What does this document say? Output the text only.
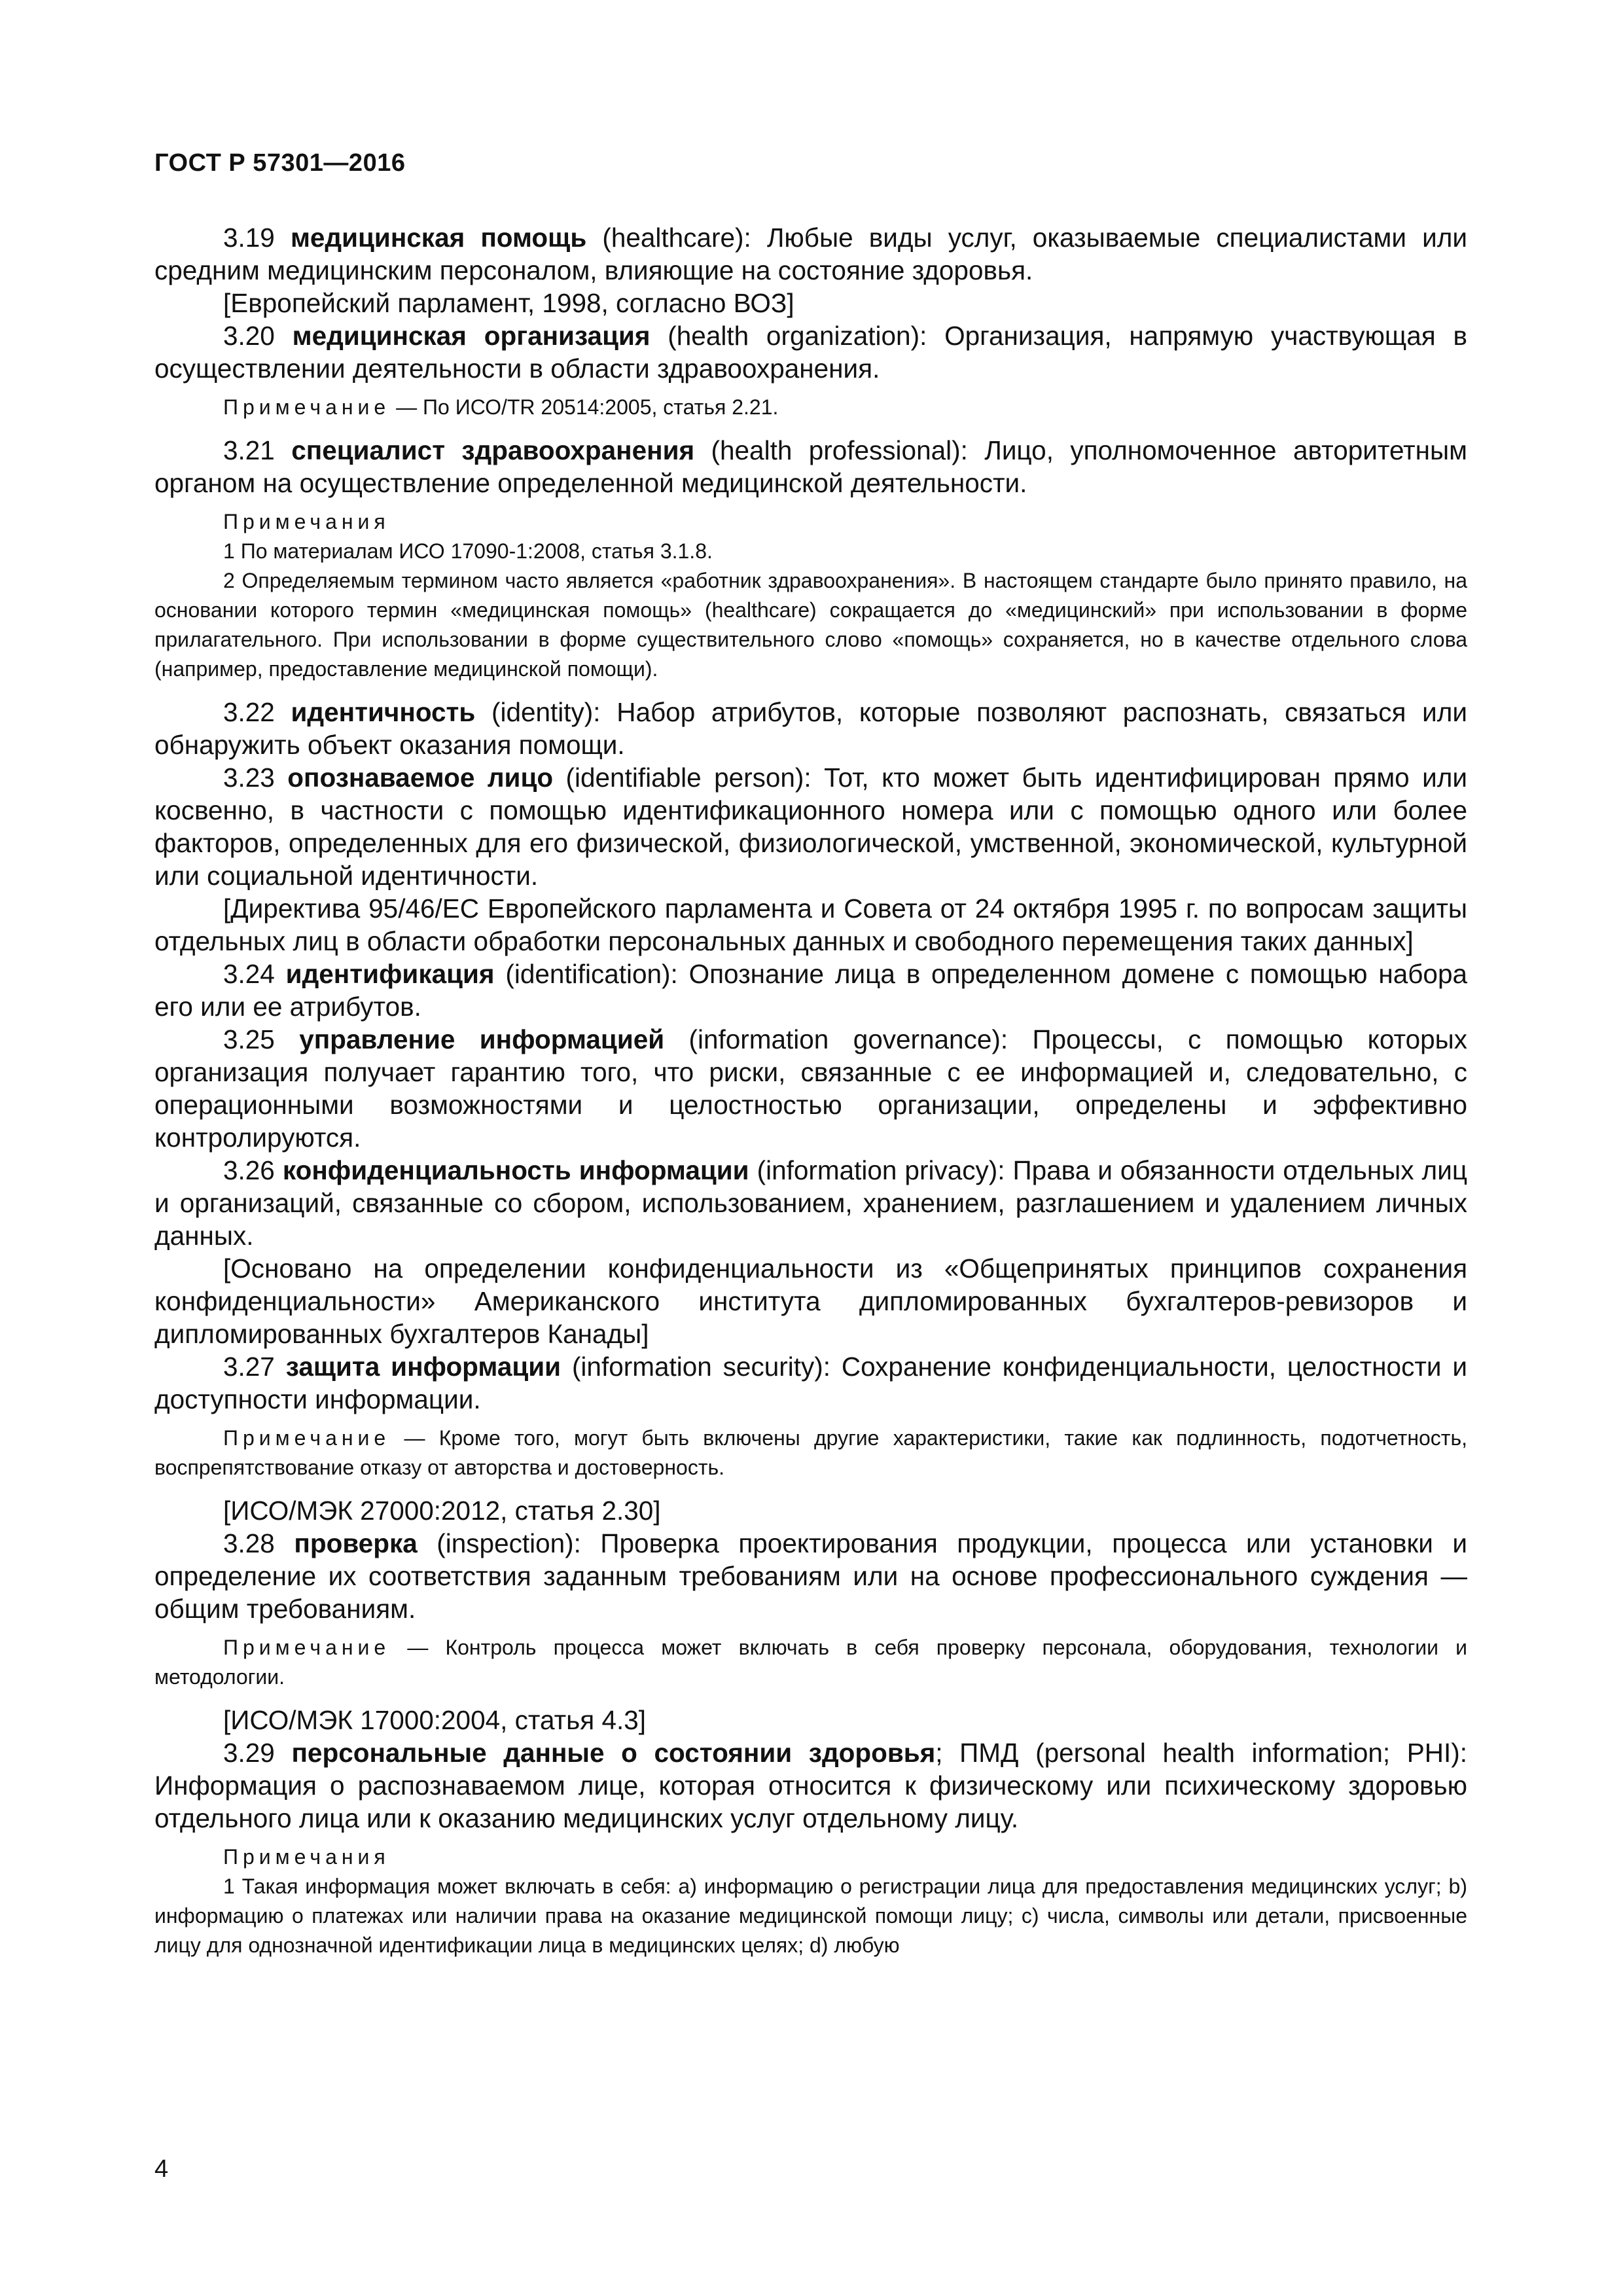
ГОСТ Р 57301—2016

3.19 медицинская помощь (healthcare): Любые виды услуг, оказываемые специалистами или средним медицинским персоналом, влияющие на состояние здоровья.

[Европейский парламент, 1998, согласно ВОЗ]

3.20 медицинская организация (health organization): Организация, напрямую участвующая в осуществлении деятельности в области здравоохранения.

Примечание — По ИСО/TR 20514:2005, статья 2.21.

3.21 специалист здравоохранения (health professional): Лицо, уполномоченное авторитетным органом на осуществление определенной медицинской деятельности.

Примечания

1 По материалам ИСО 17090-1:2008, статья 3.1.8.

2 Определяемым термином часто является «работник здравоохранения». В настоящем стандарте было принято правило, на основании которого термин «медицинская помощь» (healthcare) сокращается до «медицинский» при использовании в форме прилагательного. При использовании в форме существительного слово «помощь» сохраняется, но в качестве отдельного слова (например, предоставление медицинской помощи).

3.22 идентичность (identity): Набор атрибутов, которые позволяют распознать, связаться или обнаружить объект оказания помощи.

3.23 опознаваемое лицо (identifiable person): Тот, кто может быть идентифицирован прямо или косвенно, в частности с помощью идентификационного номера или с помощью одного или более факторов, определенных для его физической, физиологической, умственной, экономической, культурной или социальной идентичности.

[Директива 95/46/ЕС Европейского парламента и Совета от 24 октября 1995 г. по вопросам защиты отдельных лиц в области обработки персональных данных и свободного перемещения таких данных]

3.24 идентификация (identification): Опознание лица в определенном домене с помощью набора его или ее атрибутов.

3.25 управление информацией (information governance): Процессы, с помощью которых организация получает гарантию того, что риски, связанные с ее информацией и, следовательно, с операционными возможностями и целостностью организации, определены и эффективно контролируются.

3.26 конфиденциальность информации (information privacy): Права и обязанности отдельных лиц и организаций, связанные со сбором, использованием, хранением, разглашением и удалением личных данных.

[Основано на определении конфиденциальности из «Общепринятых принципов сохранения конфиденциальности» Американского института дипломированных бухгалтеров-ревизоров и дипломированных бухгалтеров Канады]

3.27 защита информации (information security): Сохранение конфиденциальности, целостности и доступности информации.

Примечание — Кроме того, могут быть включены другие характеристики, такие как подлинность, подотчетность, воспрепятствование отказу от авторства и достоверность.

[ИСО/МЭК 27000:2012, статья 2.30]

3.28 проверка (inspection): Проверка проектирования продукции, процесса или установки и определение их соответствия заданным требованиям или на основе профессионального суждения — общим требованиям.

Примечание — Контроль процесса может включать в себя проверку персонала, оборудования, технологии и методологии.

[ИСО/МЭК 17000:2004, статья 4.3]

3.29 персональные данные о состоянии здоровья; ПМД (personal health information; PHI): Информация о распознаваемом лице, которая относится к физическому или психическому здоровью отдельного лица или к оказанию медицинских услуг отдельному лицу.

Примечания

1 Такая информация может включать в себя: a) информацию о регистрации лица для предоставления медицинских услуг; b) информацию о платежах или наличии права на оказание медицинской помощи лицу; c) числа, символы или детали, присвоенные лицу для однозначной идентификации лица в медицинских целях; d) любую

4
